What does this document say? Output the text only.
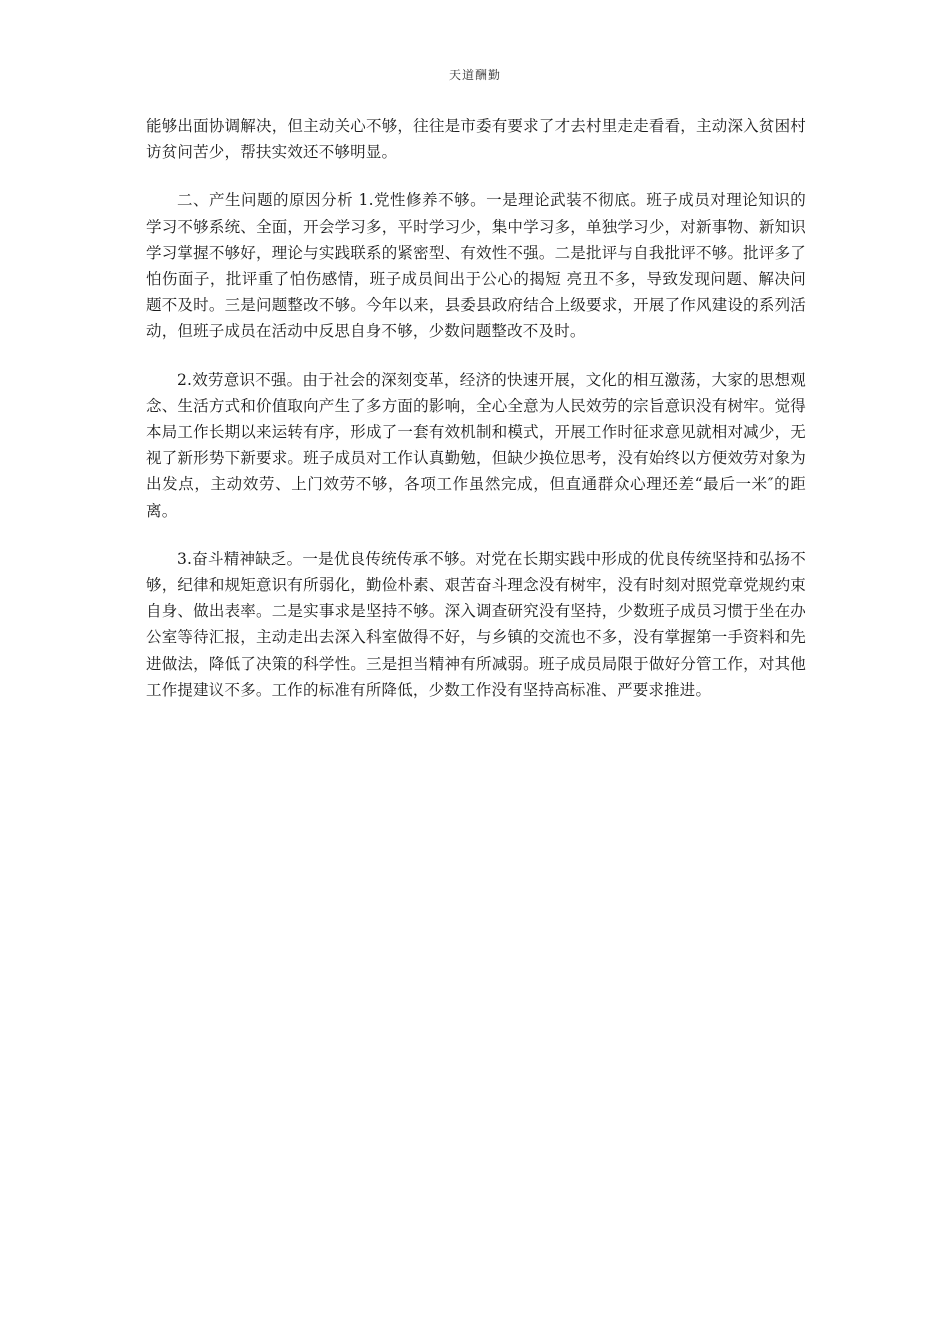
天道酬勤

能够出面协调解决，但主动关心不够，往往是市委有要求了才去村里走走看看，主动深入贫困村访贫问苦少，帮扶实效还不够明显。

二、产生问题的原因分析 1.党性修养不够。一是理论武装不彻底。班子成员对理论知识的学习不够系统、全面，开会学习多，平时学习少，集中学习多，单独学习少，对新事物、新知识学习掌握不够好，理论与实践联系的紧密型、有效性不强。二是批评与自我批评不够。批评多了怕伤面子，批评重了怕伤感情，班子成员间出于公心的揭短 亮丑不多，导致发现问题、解决问题不及时。三是问题整改不够。今年以来，县委县政府结合上级要求，开展了作风建设的系列活动，但班子成员在活动中反思自身不够，少数问题整改不及时。

2.效劳意识不强。由于社会的深刻变革，经济的快速开展，文化的相互激荡，大家的思想观念、生活方式和价值取向产生了多方面的影响，全心全意为人民效劳的宗旨意识没有树牢。觉得本局工作长期以来运转有序，形成了一套有效机制和模式，开展工作时征求意见就相对减少，无视了新形势下新要求。班子成员对工作认真勤勉，但缺少换位思考，没有始终以方便效劳对象为出发点，主动效劳、上门效劳不够，各项工作虽然完成，但直通群众心理还差“最后一米″的距离。

3.奋斗精神缺乏。一是优良传统传承不够。对党在长期实践中形成的优良传统坚持和弘扬不够，纪律和规矩意识有所弱化，勤俭朴素、艰苦奋斗理念没有树牢，没有时刻对照党章党规约束自身、做出表率。二是实事求是坚持不够。深入调查研究没有坚持，少数班子成员习惯于坐在办公室等待汇报，主动走出去深入科室做得不好，与乡镇的交流也不多，没有掌握第一手资料和先进做法，降低了决策的科学性。三是担当精神有所减弱。班子成员局限于做好分管工作，对其他工作提建议不多。工作的标准有所降低，少数工作没有坚持高标准、严要求推进。
